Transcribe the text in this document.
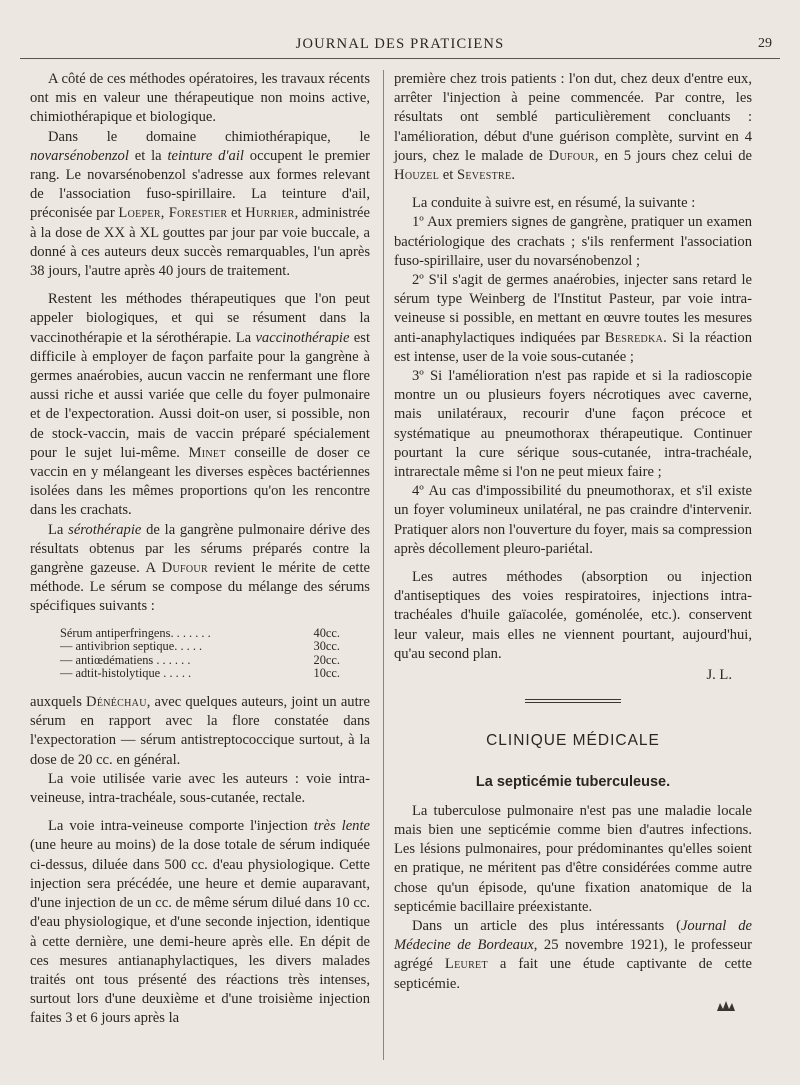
JOURNAL DES PRATICIENS	29

A côté de ces méthodes opératoires, les travaux récents ont mis en valeur une thérapeutique non moins active, chimiothérapique et biologique.

Dans le domaine chimiothérapique, le novarsénobenzol et la teinture d'ail occupent le premier rang. Le novarsénobenzol s'adresse aux formes relevant de l'association fuso-spirillaire. La teinture d'ail, préconisée par Loeper, Forestier et Hurrier, administrée à la dose de XX à XL gouttes par jour par voie buccale, a donné à ces auteurs deux succès remarquables, l'un après 38 jours, l'autre après 40 jours de traitement.

Restent les méthodes thérapeutiques que l'on peut appeler biologiques, et qui se résument dans la vaccinothérapie et la sérothérapie. La vaccinothérapie est difficile à employer de façon parfaite pour la gangrène à germes anaérobies, aucun vaccin ne renfermant une flore aussi riche et aussi variée que celle du foyer pulmonaire et de l'expectoration. Aussi doit-on user, si possible, non de stock-vaccin, mais de vaccin préparé spécialement pour le sujet lui-même. Minet conseille de doser ce vaccin en y mélangeant les diverses espèces bactériennes isolées dans les mêmes proportions qu'on les rencontre dans les crachats.

La sérothérapie de la gangrène pulmonaire dérive des résultats obtenus par les sérums préparés contre la gangrène gazeuse. A Dufour revient le mérite de cette méthode. Le sérum se compose du mélange des sérums spécifiques suivants :

Sérum antiperfringens. . . . . . .	40cc.
— antivibrion septique. . . . .	30cc.
— antiœdématiens . . . . . .	20cc.
— adtit-histolytique . . . . .	10cc.

auxquels Dénéchau, avec quelques auteurs, joint un autre sérum en rapport avec la flore constatée dans l'expectoration — sérum antistreptococcique surtout, à la dose de 20 cc. en général.

La voie utilisée varie avec les auteurs : voie intra-veineuse, intra-trachéale, sous-cutanée, rectale.

La voie intra-veineuse comporte l'injection très lente (une heure au moins) de la dose totale de sérum indiquée ci-dessus, diluée dans 500 cc. d'eau physiologique. Cette injection sera précédée, une heure et demie auparavant, d'une injection de un cc. de même sérum dilué dans 10 cc. d'eau physiologique, et d'une seconde injection, identique à cette dernière, une demi-heure après elle. En dépit de ces mesures antianaphylactiques, les divers malades traités ont tous présenté des réactions très intenses, surtout lors d'une deuxième et d'une troisième injection faites 3 et 6 jours après la

première chez trois patients : l'on dut, chez deux d'entre eux, arrêter l'injection à peine commencée. Par contre, les résultats ont semblé particulièrement concluants : l'amélioration, début d'une guérison complète, survint en 4 jours, chez le malade de Dufour, en 5 jours chez celui de Houzel et Sevestre.

La conduite à suivre est, en résumé, la suivante :

1º Aux premiers signes de gangrène, pratiquer un examen bactériologique des crachats ; s'ils renferment l'association fuso-spirillaire, user du novarsénobenzol ;

2º S'il s'agit de germes anaérobies, injecter sans retard le sérum type Weinberg de l'Institut Pasteur, par voie intra-veineuse si possible, en mettant en œuvre toutes les mesures anti-anaphylactiques indiquées par Besredka. Si la réaction est intense, user de la voie sous-cutanée ;

3º Si l'amélioration n'est pas rapide et si la radioscopie montre un ou plusieurs foyers nécrotiques avec caverne, mais unilatéraux, recourir d'une façon précoce et systématique au pneumothorax thérapeutique. Continuer pourtant la cure sérique sous-cutanée, intra-trachéale, intrarectale même si l'on ne peut mieux faire ;

4º Au cas d'impossibilité du pneumothorax, et s'il existe un foyer volumineux unilatéral, ne pas craindre d'intervenir. Pratiquer alors non l'ouverture du foyer, mais sa compression après décollement pleuro-pariétal.

Les autres méthodes (absorption ou injection d'antiseptiques des voies respiratoires, injections intra-trachéales d'huile gaïacolée, goménolée, etc.). conservent leur valeur, mais elles ne viennent pourtant, aujourd'hui, qu'au second plan.

J. L.
CLINIQUE MÉDICALE
La septicémie tuberculeuse.

La tuberculose pulmonaire n'est pas une maladie locale mais bien une septicémie comme bien d'autres infections. Les lésions pulmonaires, pour prédominantes qu'elles soient en pratique, ne méritent pas d'être considérées comme autre chose qu'un épisode, qu'une fixation anatomique de la septicémie bacillaire préexistante.

Dans un article des plus intéressants (Journal de Médecine de Bordeaux, 25 novembre 1921), le professeur agrégé Leuret a fait une étude captivante de cette septicémie.
